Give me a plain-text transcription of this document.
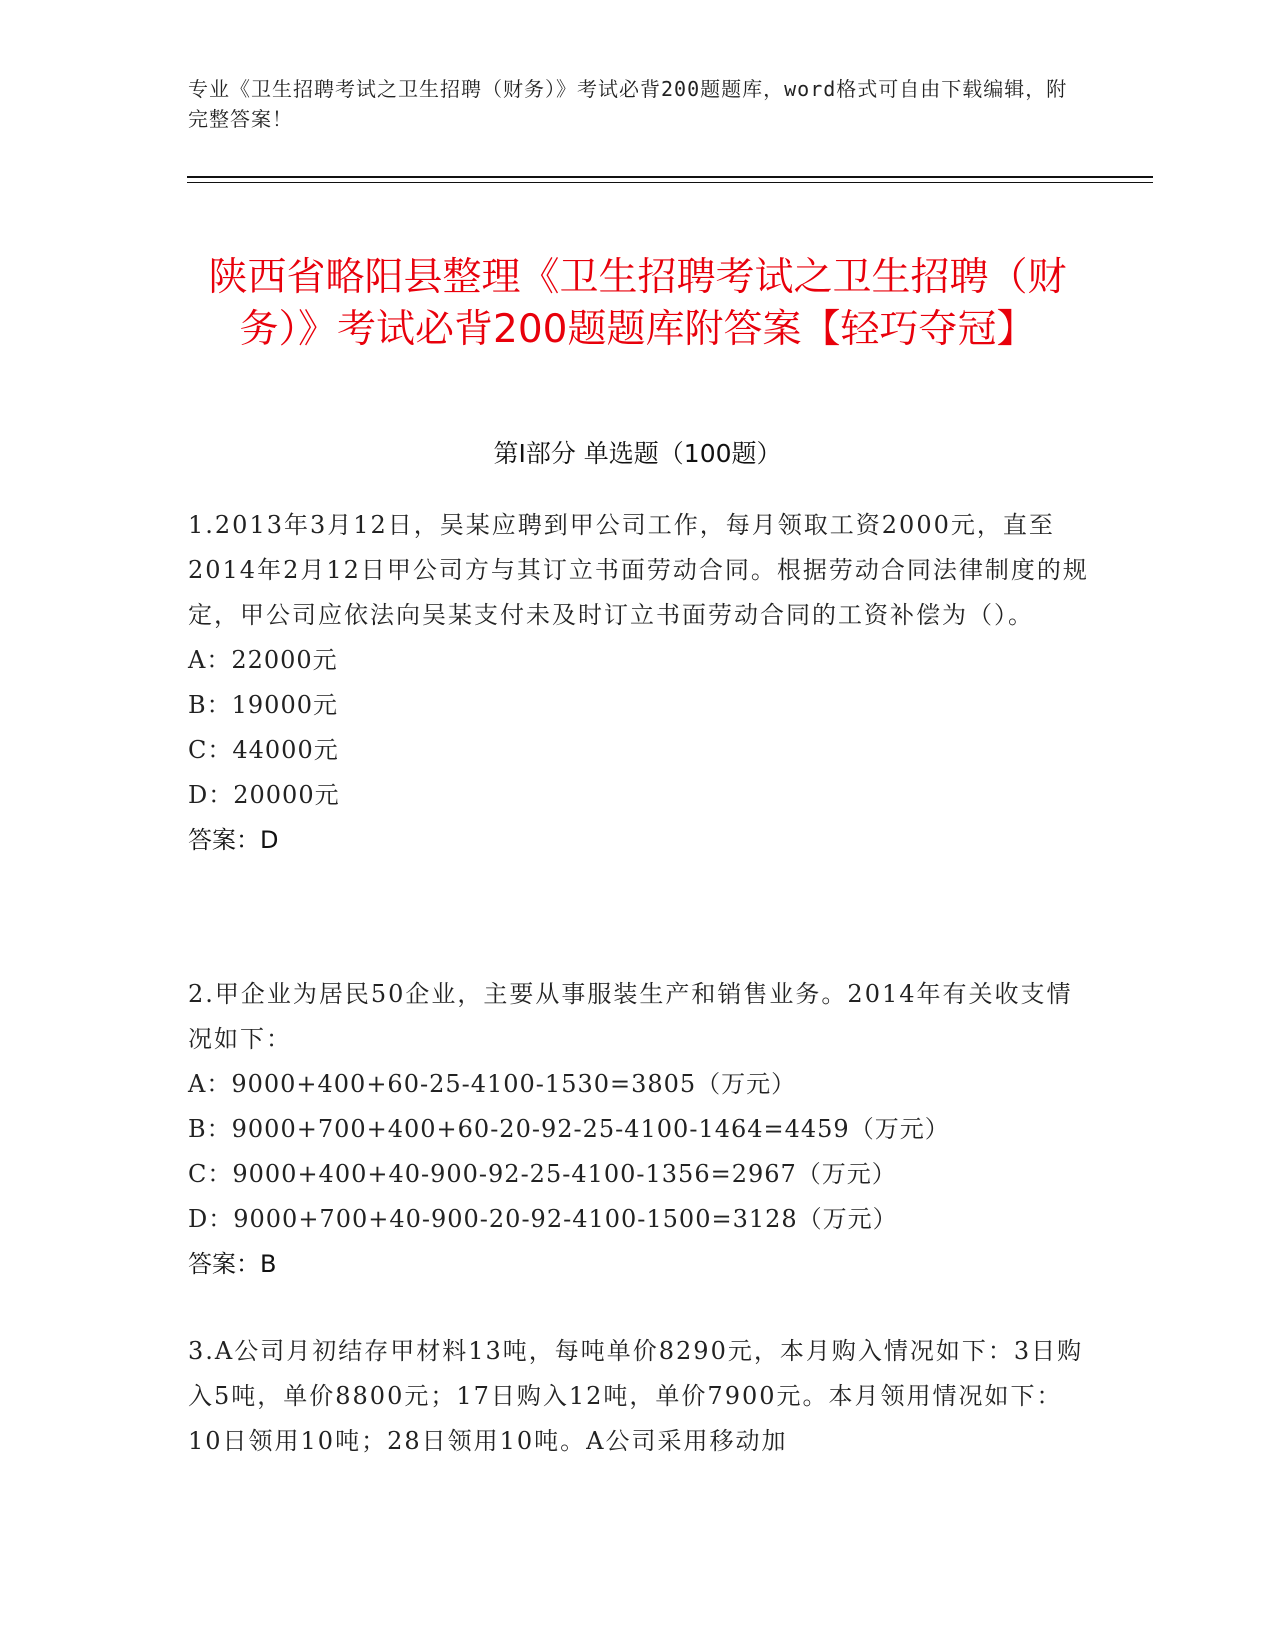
专业《卫生招聘考试之卫生招聘（财务）》考试必背200题题库，word格式可自由下载编辑，附完整答案！
陕西省略阳县整理《卫生招聘考试之卫生招聘（财务）》考试必背200题题库附答案【轻巧夺冠】
第Ⅰ部分 单选题（100题）
1.2013年3月12日，吴某应聘到甲公司工作，每月领取工资2000元，直至2014年2月12日甲公司方与其订立书面劳动合同。根据劳动合同法律制度的规定，甲公司应依法向吴某支付未及时订立书面劳动合同的工资补偿为（）。
A：22000元
B：19000元
C：44000元
D：20000元
答案：D
2.甲企业为居民50企业，主要从事服装生产和销售业务。2014年有关收支情况如下：
A：9000+400+60-25-4100-1530=3805（万元）
B：9000+700+400+60-20-92-25-4100-1464=4459（万元）
C：9000+400+40-900-92-25-4100-1356=2967（万元）
D：9000+700+40-900-20-92-4100-1500=3128（万元）
答案：B
3.A公司月初结存甲材料13吨，每吨单价8290元，本月购入情况如下：3日购入5吨，单价8800元；17日购入12吨，单价7900元。本月领用情况如下：10日领用10吨；28日领用10吨。A公司采用移动加
